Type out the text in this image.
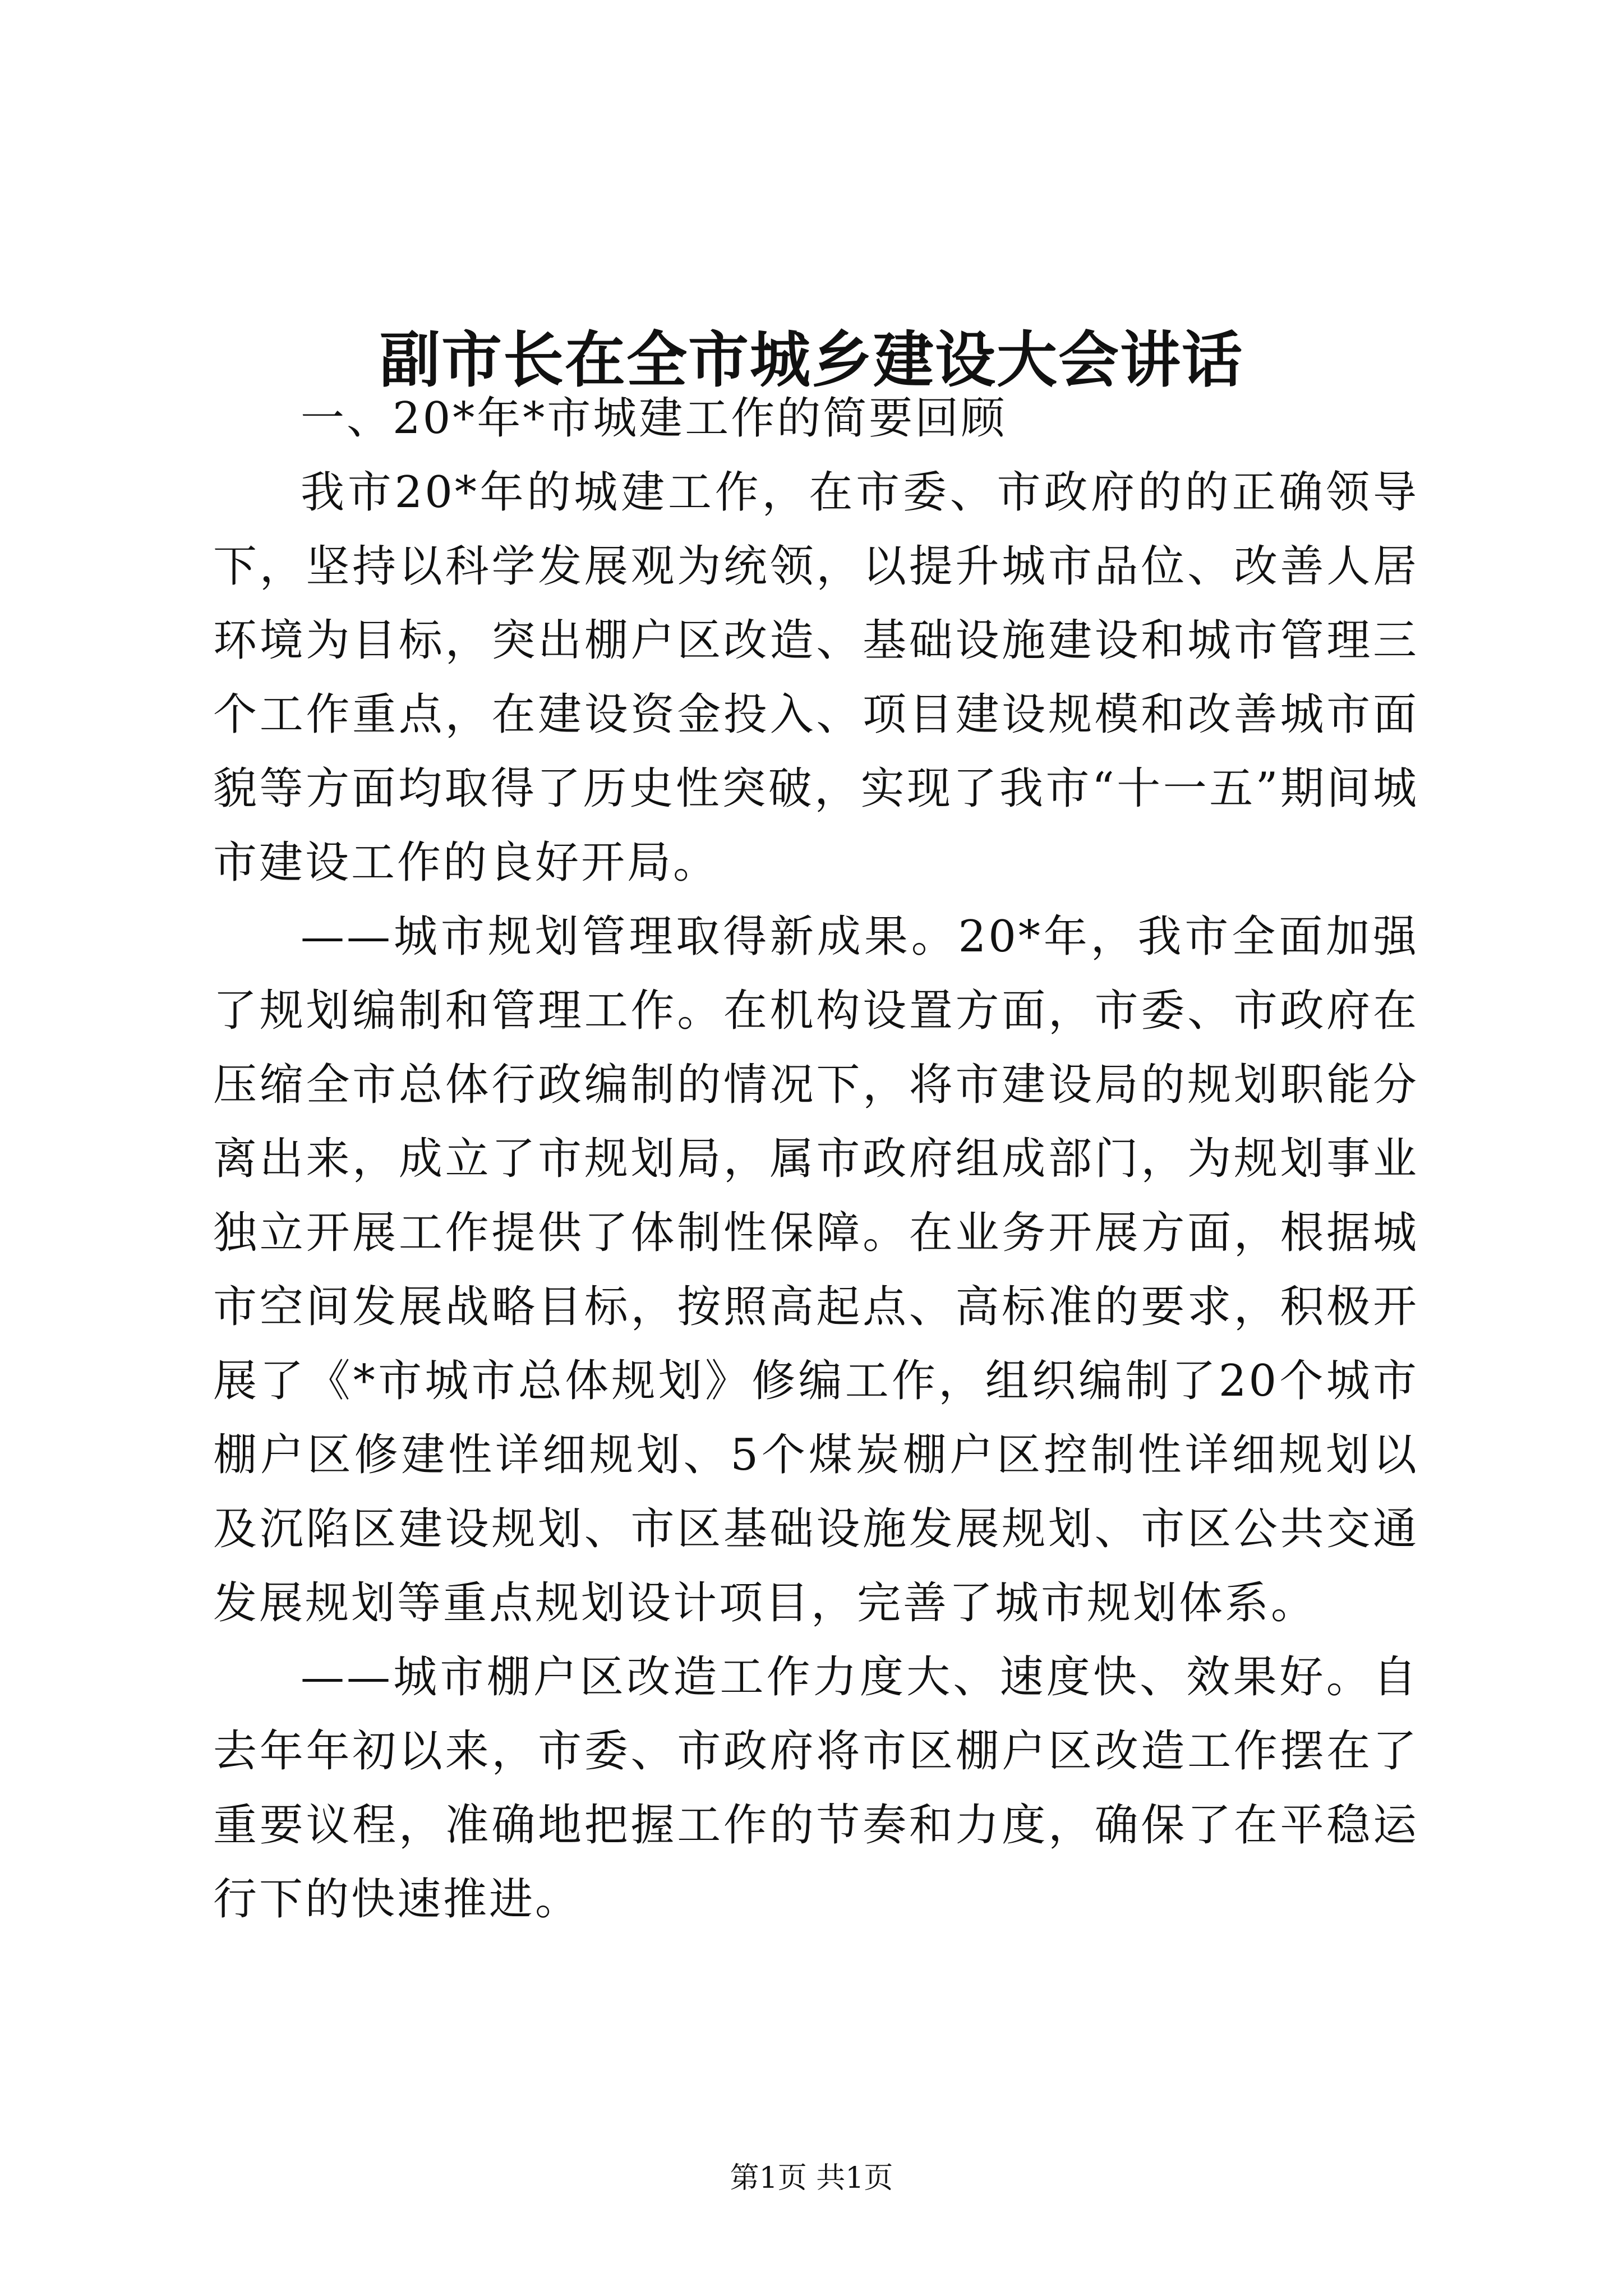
副市长在全市城乡建设大会讲话

一、20*年*市城建工作的简要回顾

我市20*年的城建工作，在市委、市政府的的正确领导下，坚持以科学发展观为统领，以提升城市品位、改善人居环境为目标，突出棚户区改造、基础设施建设和城市管理三个工作重点，在建设资金投入、项目建设规模和改善城市面貌等方面均取得了历史性突破，实现了我市“十一五”期间城市建设工作的良好开局。

——城市规划管理取得新成果。20*年，我市全面加强了规划编制和管理工作。在机构设置方面，市委、市政府在压缩全市总体行政编制的情况下，将市建设局的规划职能分离出来，成立了市规划局，属市政府组成部门，为规划事业独立开展工作提供了体制性保障。在业务开展方面，根据城市空间发展战略目标，按照高起点、高标准的要求，积极开展了《*市城市总体规划》修编工作，组织编制了20个城市棚户区修建性详细规划、5个煤炭棚户区控制性详细规划以及沉陷区建设规划、市区基础设施发展规划、市区公共交通发展规划等重点规划设计项目，完善了城市规划体系。

——城市棚户区改造工作力度大、速度快、效果好。自去年年初以来，市委、市政府将市区棚户区改造工作摆在了重要议程，准确地把握工作的节奏和力度，确保了在平稳运行下的快速推进。

第1页 共1页
